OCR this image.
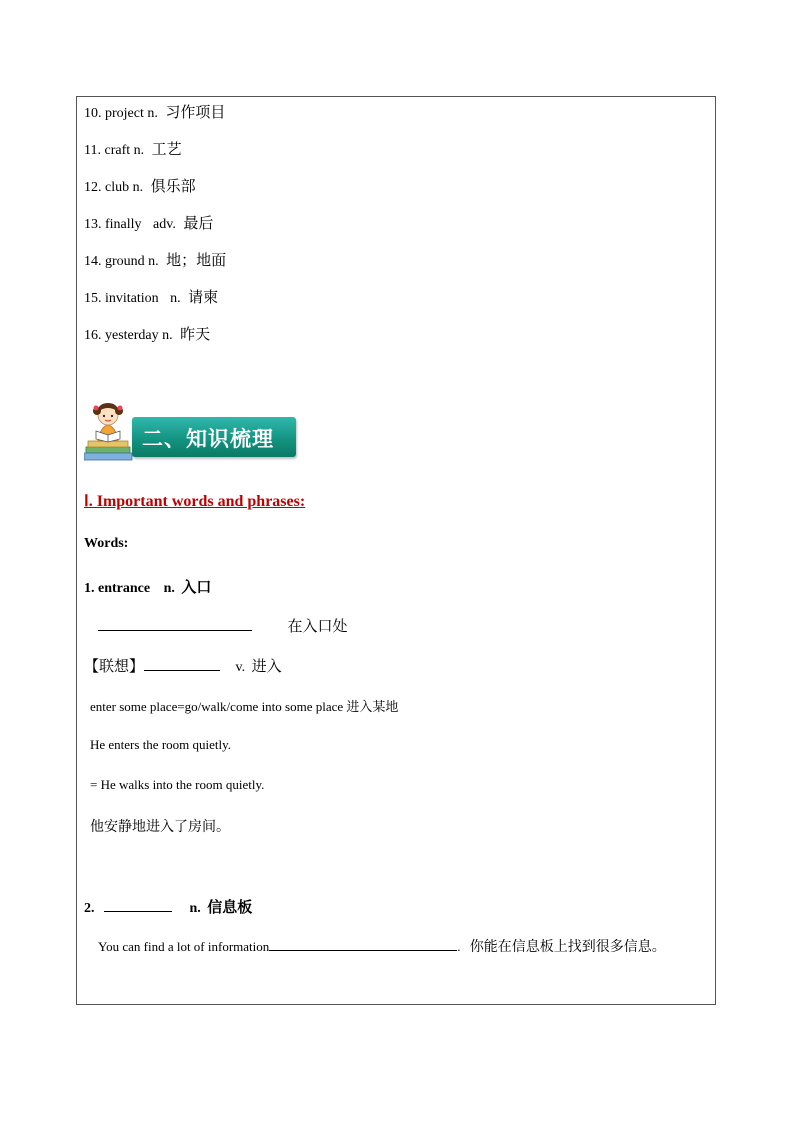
10. project n. 习作项目
11. craft n. 工艺
12. club n. 俱乐部
13. finally adv. 最后
14. ground n. 地；地面
15. invitation n. 请柬
16. yesterday n. 昨天
二、知识梳理
Ⅰ. Important words and phrases:
Words:
1. entrance n. 入口
在入口处
【联想】	v. 进入
enter some place=go/walk/come into some place 进入某地
He enters the room quietly.
= He walks into the room quietly.
他安静地进入了房间。
2.	n. 信息板
You can find a lot of information	. 你能在信息板上找到很多信息。
